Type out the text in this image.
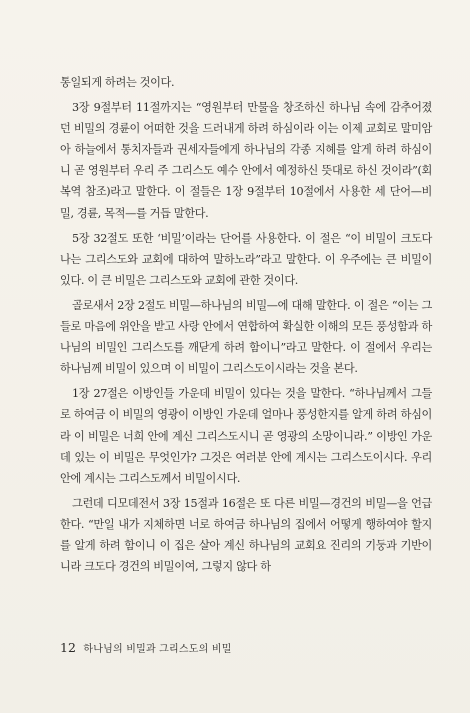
통일되게 하려는 것이다.

3장 9절부터 11절까지는 “영원부터 만물을 창조하신 하나님 속에 감추어졌던 비밀의 경륜이 어떠한 것을 드러내게 하려 하심이라 이는 이제 교회로 말미암아 하늘에서 통치자들과 권세자들에게 하나님의 각종 지혜를 알게 하려 하심이니 곧 영원부터 우리 주 그리스도 예수 안에서 예정하신 뜻대로 하신 것이라”(회복역 참조)라고 말한다. 이 절들은 1장 9절부터 10절에서 사용한 세 단어—비밀, 경륜, 목적—를 거듭 말한다.

5장 32절도 또한 ‘비밀’이라는 단어를 사용한다. 이 절은 “이 비밀이 크도다 나는 그리스도와 교회에 대하여 말하노라”라고 말한다. 이 우주에는 큰 비밀이 있다. 이 큰 비밀은 그리스도와 교회에 관한 것이다.

골로새서 2장 2절도 비밀—하나님의 비밀—에 대해 말한다. 이 절은 “이는 그들로 마음에 위안을 받고 사랑 안에서 연합하여 확실한 이해의 모든 풍성함과 하나님의 비밀인 그리스도를 깨닫게 하려 함이니”라고 말한다. 이 절에서 우리는 하나님께 비밀이 있으며 이 비밀이 그리스도이시라는 것을 본다.

1장 27절은 이방인들 가운데 비밀이 있다는 것을 말한다. “하나님께서 그들로 하여금 이 비밀의 영광이 이방인 가운데 얼마나 풍성한지를 알게 하려 하심이라 이 비밀은 너희 안에 계신 그리스도시니 곧 영광의 소망이니라.” 이방인 가운데 있는 이 비밀은 무엇인가? 그것은 여러분 안에 계시는 그리스도이시다. 우리 안에 계시는 그리스도께서 비밀이시다.

그런데 디모데전서 3장 15절과 16절은 또 다른 비밀—경건의 비밀—을 언급한다. “만일 내가 지체하면 너로 하여금 하나님의 집에서 어떻게 행하여야 할지를 알게 하려 함이니 이 집은 살아 계신 하나님의 교회요 진리의 기둥과 기반이니라 크도다 경건의 비밀이여, 그렇지 않다 하

12 하나님의 비밀과 그리스도의 비밀
